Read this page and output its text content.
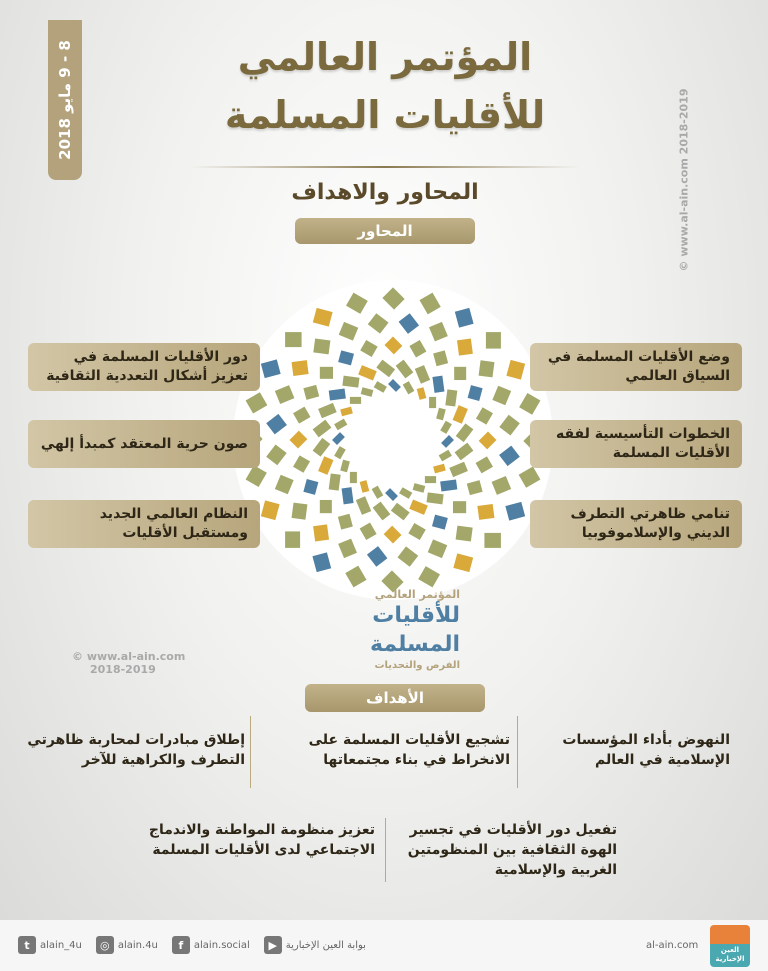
8 - 9 مايو 2018	المؤتمر العالمي
للأقليات المسلمة
المحاور والاهداف
المحاور
© www.al-ain.com 2018-2019
دور الأقليات المسلمة في تعزيز أشكال التعددية الثقافية
صون حرية المعتقد كمبدأ إلهي
النظام العالمي الجديد ومستقبل الأقليات
وضع الأقليات المسلمة في السياق العالمي
الخطوات التأسيسية لفقه الأقليات المسلمة
تنامي ظاهرتي التطرف الديني والإسلاموفوبيا
المؤتمر العالمي
للأقليات
المسلمة
الفرص والتحديات
© www.al-ain.com
2018-2019
الأهداف
النهوض بأداء المؤسسات الإسلامية في العالم
تشجيع الأقليات المسلمة على الانخراط في بناء مجتمعاتها
إطلاق مبادرات لمحاربة ظاهرتي التطرف والكراهية للآخر
تفعيل دور الأقليات في تجسير الهوة الثقافية بين المنظومتين الغربية والإسلامية
تعزيز منظومة المواطنة والاندماج الاجتماعي لدى الأقليات المسلمة
t	alain_4u	◎ alain.4u	f	alain.social	▶ بوابة العين الإخبارية	al-ain.com	العين الإخبارية
